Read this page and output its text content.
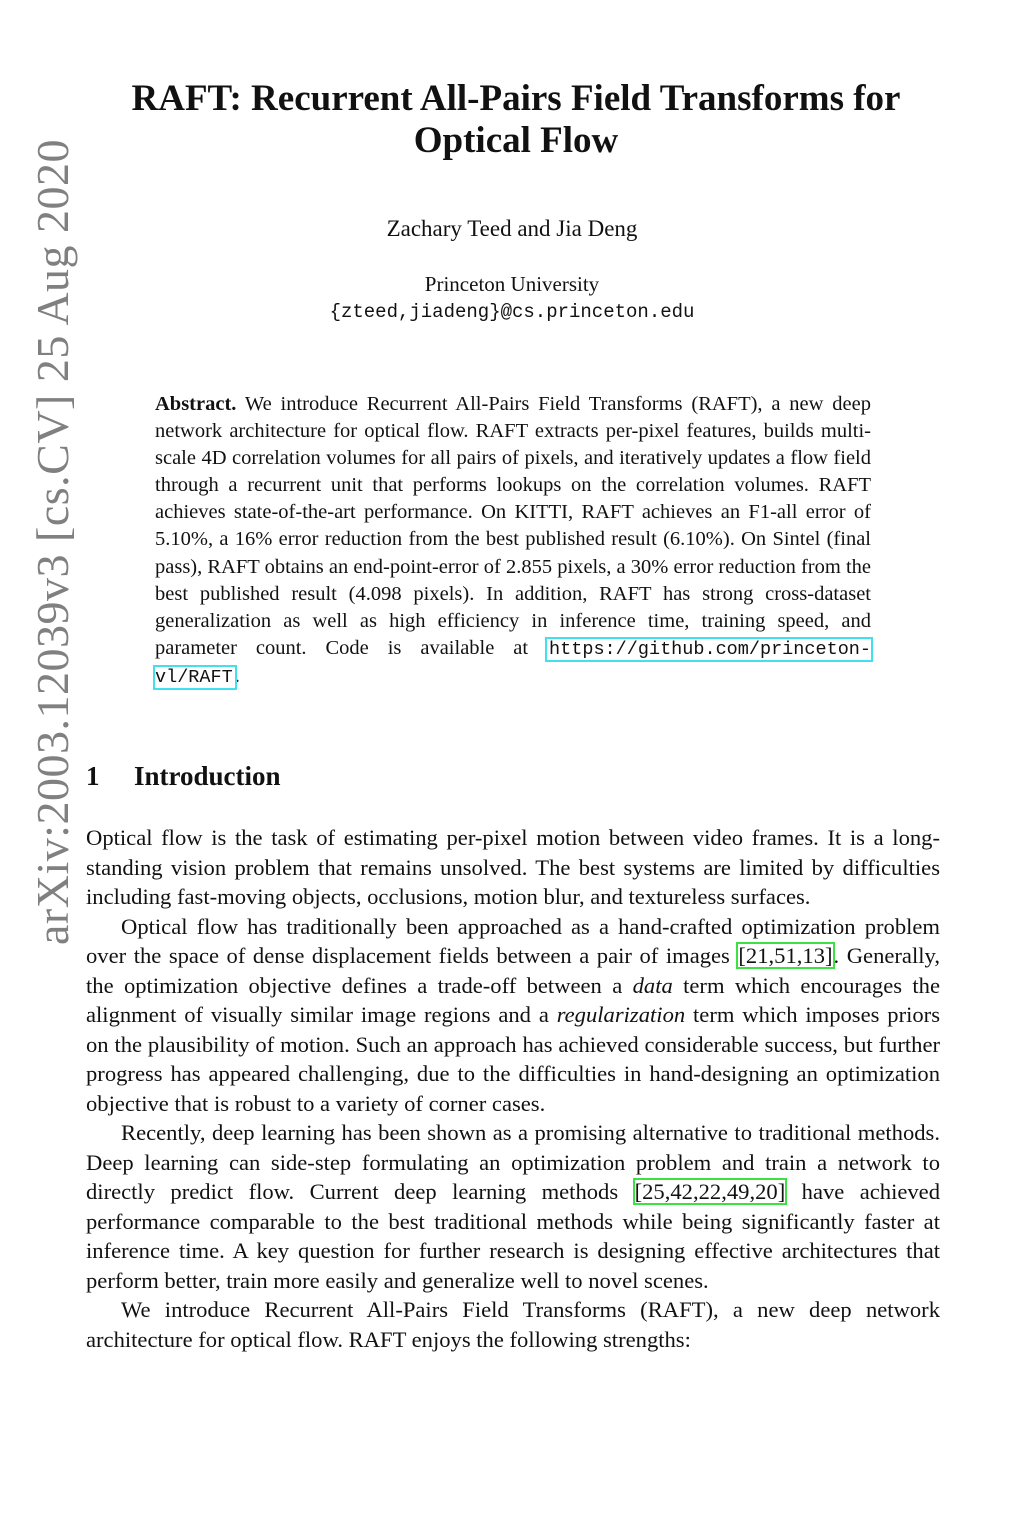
arXiv:2003.12039v3 [cs.CV] 25 Aug 2020
RAFT: Recurrent All-Pairs Field Transforms for Optical Flow
Zachary Teed and Jia Deng
Princeton University
{zteed,jiadeng}@cs.princeton.edu
Abstract. We introduce Recurrent All-Pairs Field Transforms (RAFT), a new deep network architecture for optical flow. RAFT extracts per-pixel features, builds multi-scale 4D correlation volumes for all pairs of pixels, and iteratively updates a flow field through a recurrent unit that performs lookups on the correlation volumes. RAFT achieves state-of-the-art performance. On KITTI, RAFT achieves an F1-all error of 5.10%, a 16% error reduction from the best published result (6.10%). On Sintel (final pass), RAFT obtains an end-point-error of 2.855 pixels, a 30% error reduction from the best published result (4.098 pixels). In addition, RAFT has strong cross-dataset generalization as well as high efficiency in inference time, training speed, and parameter count. Code is available at https://github.com/princeton-vl/RAFT.
1 Introduction

Optical flow is the task of estimating per-pixel motion between video frames. It is a long-standing vision problem that remains unsolved. The best systems are limited by difficulties including fast-moving objects, occlusions, motion blur, and textureless surfaces.

Optical flow has traditionally been approached as a hand-crafted optimization problem over the space of dense displacement fields between a pair of images [21,51,13]. Generally, the optimization objective defines a trade-off between a data term which encourages the alignment of visually similar image regions and a regularization term which imposes priors on the plausibility of motion. Such an approach has achieved considerable success, but further progress has appeared challenging, due to the difficulties in hand-designing an optimization objective that is robust to a variety of corner cases.

Recently, deep learning has been shown as a promising alternative to traditional methods. Deep learning can side-step formulating an optimization problem and train a network to directly predict flow. Current deep learning methods [25,42,22,49,20] have achieved performance comparable to the best traditional methods while being significantly faster at inference time. A key question for further research is designing effective architectures that perform better, train more easily and generalize well to novel scenes.

We introduce Recurrent All-Pairs Field Transforms (RAFT), a new deep network architecture for optical flow. RAFT enjoys the following strengths:
